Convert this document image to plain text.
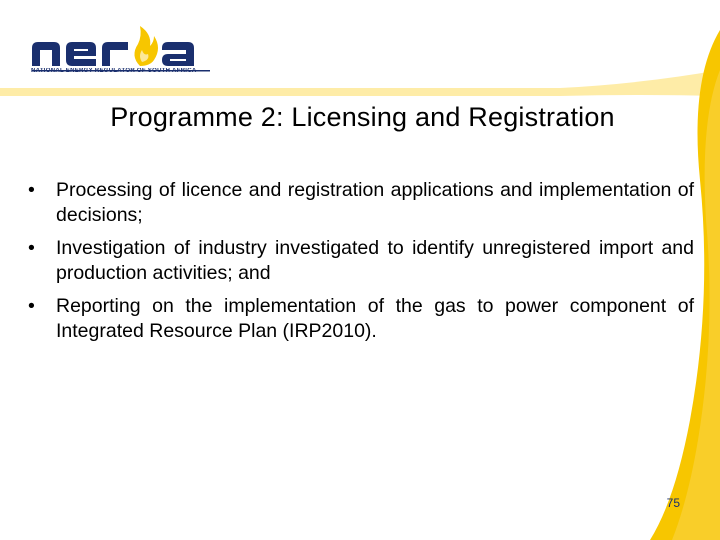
NATIONAL ENERGY REGULATOR OF SOUTH AFRICA
Programme 2: Licensing and Registration
• Processing of licence and registration applications and implementation of decisions;
• Investigation of industry investigated to identify unregistered import and production activities; and
• Reporting on the implementation of the gas to power component of Integrated Resource Plan (IRP2010).
75
